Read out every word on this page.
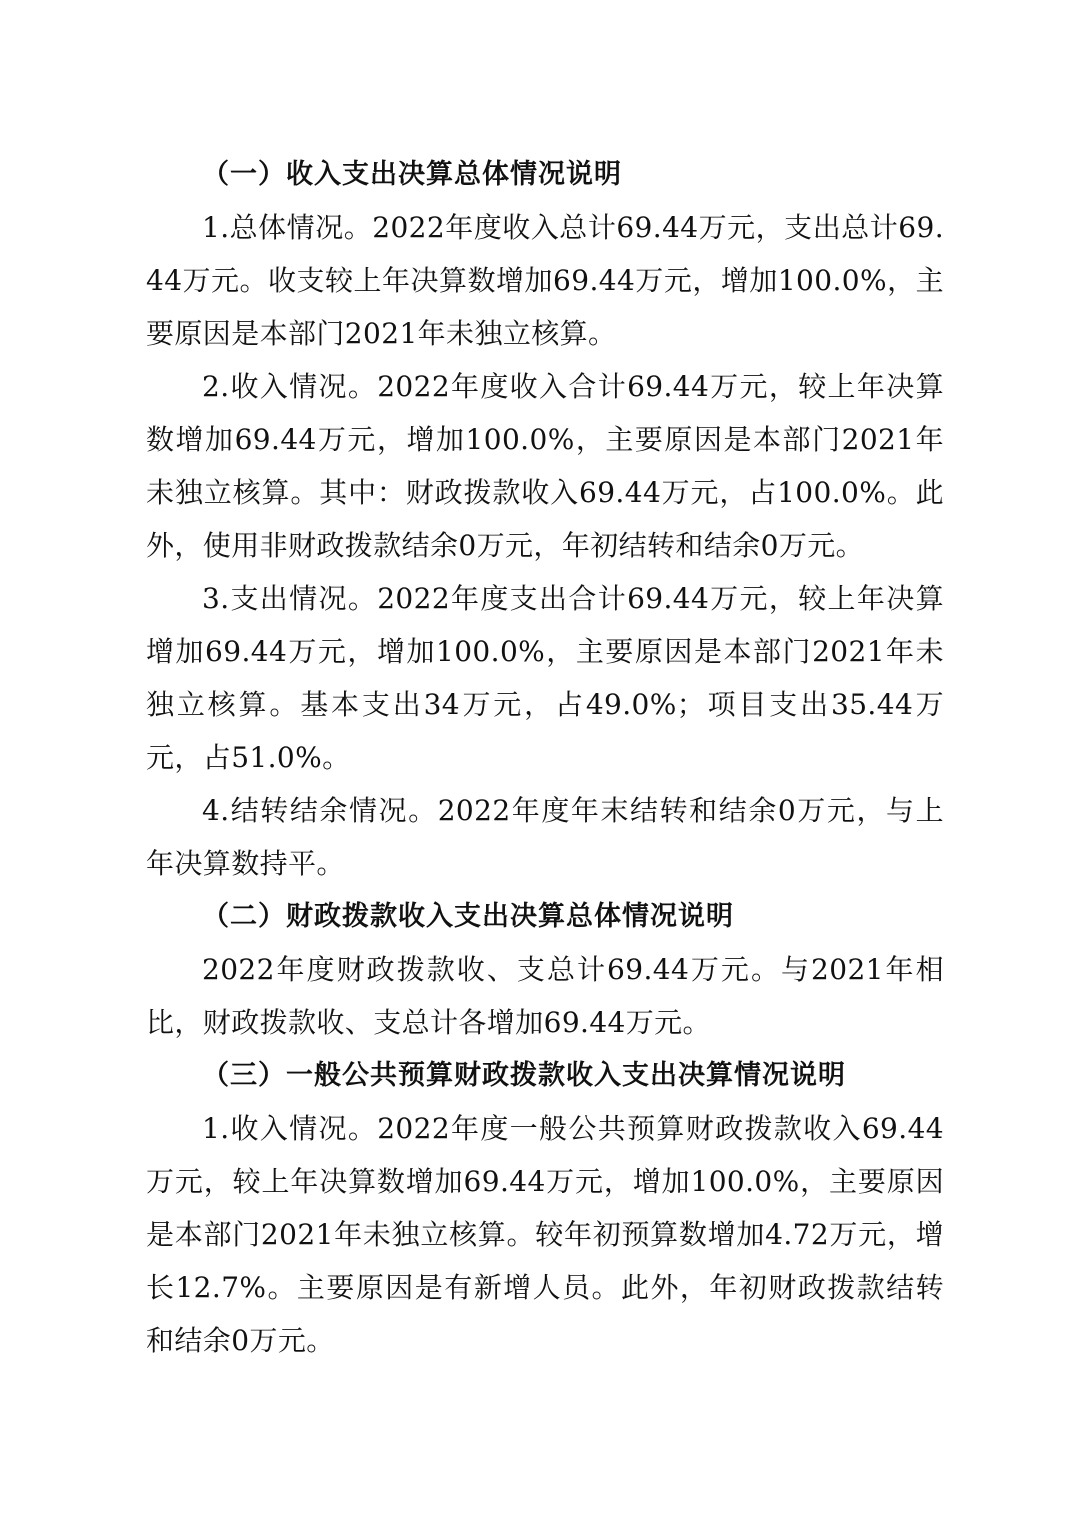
（一）收入支出决算总体情况说明

1.总体情况。2022年度收入总计69.44万元，支出总计69.44万元。收支较上年决算数增加69.44万元，增加100.0%，主要原因是本部门2021年未独立核算。

2.收入情况。2022年度收入合计69.44万元，较上年决算数增加69.44万元，增加100.0%，主要原因是本部门2021年未独立核算。其中：财政拨款收入69.44万元，占100.0%。此外，使用非财政拨款结余0万元，年初结转和结余0万元。

3.支出情况。2022年度支出合计69.44万元，较上年决算增加69.44万元，增加100.0%，主要原因是本部门2021年未独立核算。基本支出34万元，占49.0%；项目支出35.44万元，占51.0%。

4.结转结余情况。2022年度年末结转和结余0万元，与上年决算数持平。

（二）财政拨款收入支出决算总体情况说明

2022年度财政拨款收、支总计69.44万元。与2021年相比，财政拨款收、支总计各增加69.44万元。

（三）一般公共预算财政拨款收入支出决算情况说明

1.收入情况。2022年度一般公共预算财政拨款收入69.44万元，较上年决算数增加69.44万元，增加100.0%，主要原因是本部门2021年未独立核算。较年初预算数增加4.72万元，增长12.7%。主要原因是有新增人员。此外，年初财政拨款结转和结余0万元。
